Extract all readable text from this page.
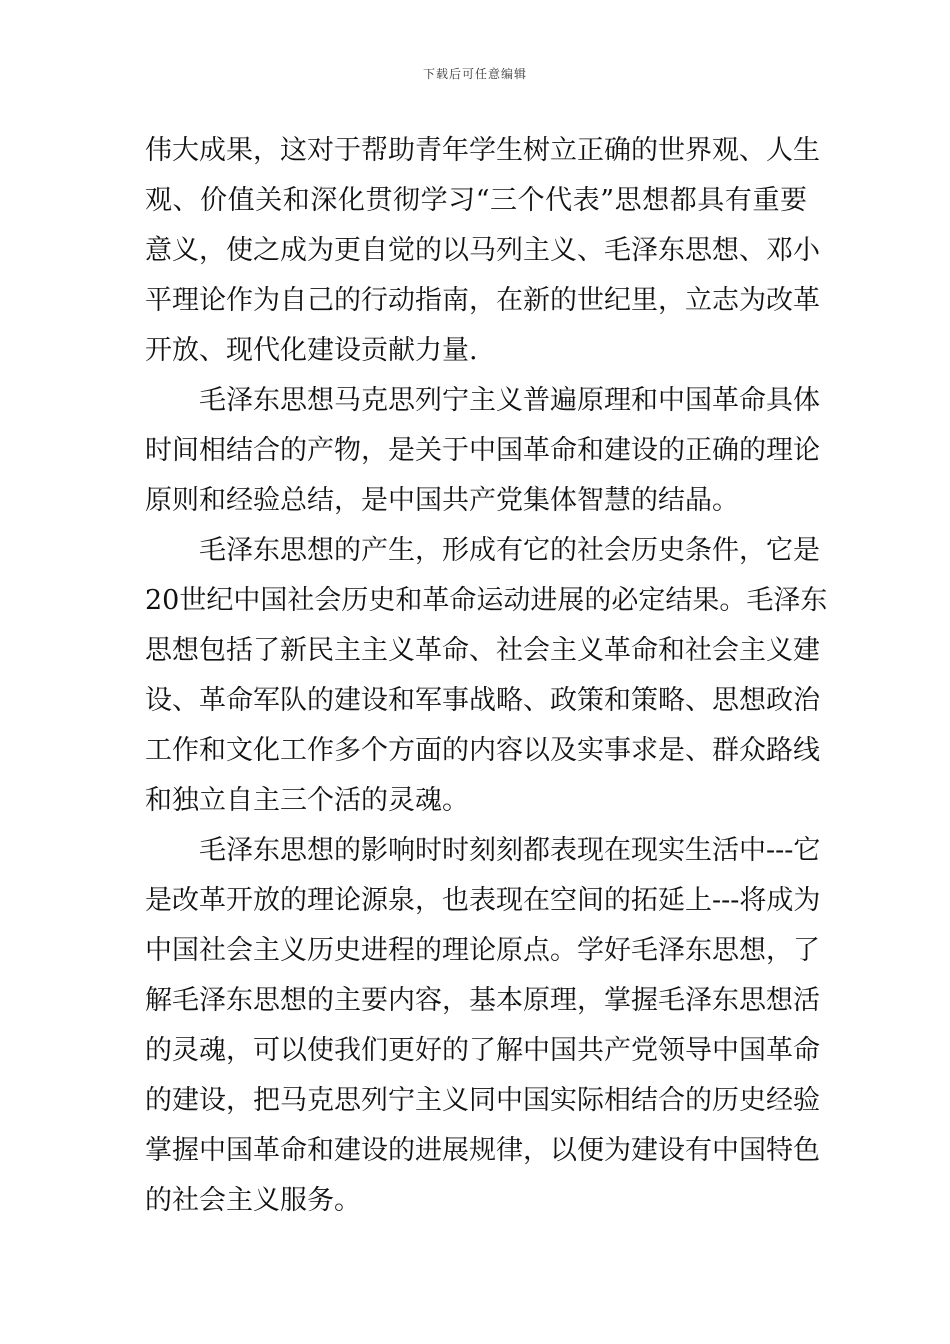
下载后可任意编辑
伟大成果，这对于帮助青年学生树立正确的世界观、人生
观、价值关和深化贯彻学习“三个代表”思想都具有重要
意义，使之成为更自觉的以马列主义、毛泽东思想、邓小
平理论作为自己的行动指南，在新的世纪里，立志为改革
开放、现代化建设贡献力量.
毛泽东思想马克思列宁主义普遍原理和中国革命具体
时间相结合的产物，是关于中国革命和建设的正确的理论
原则和经验总结，是中国共产党集体智慧的结晶。
毛泽东思想的产生，形成有它的社会历史条件，它是
20世纪中国社会历史和革命运动进展的必定结果。毛泽东
思想包括了新民主主义革命、社会主义革命和社会主义建
设、革命军队的建设和军事战略、政策和策略、思想政治
工作和文化工作多个方面的内容以及实事求是、群众路线
和独立自主三个活的灵魂。
毛泽东思想的影响时时刻刻都表现在现实生活中---它
是改革开放的理论源泉，也表现在空间的拓延上---将成为
中国社会主义历史进程的理论原点。学好毛泽东思想，了
解毛泽东思想的主要内容，基本原理，掌握毛泽东思想活
的灵魂，可以使我们更好的了解中国共产党领导中国革命
的建设，把马克思列宁主义同中国实际相结合的历史经验
掌握中国革命和建设的进展规律，以便为建设有中国特色
的社会主义服务。
